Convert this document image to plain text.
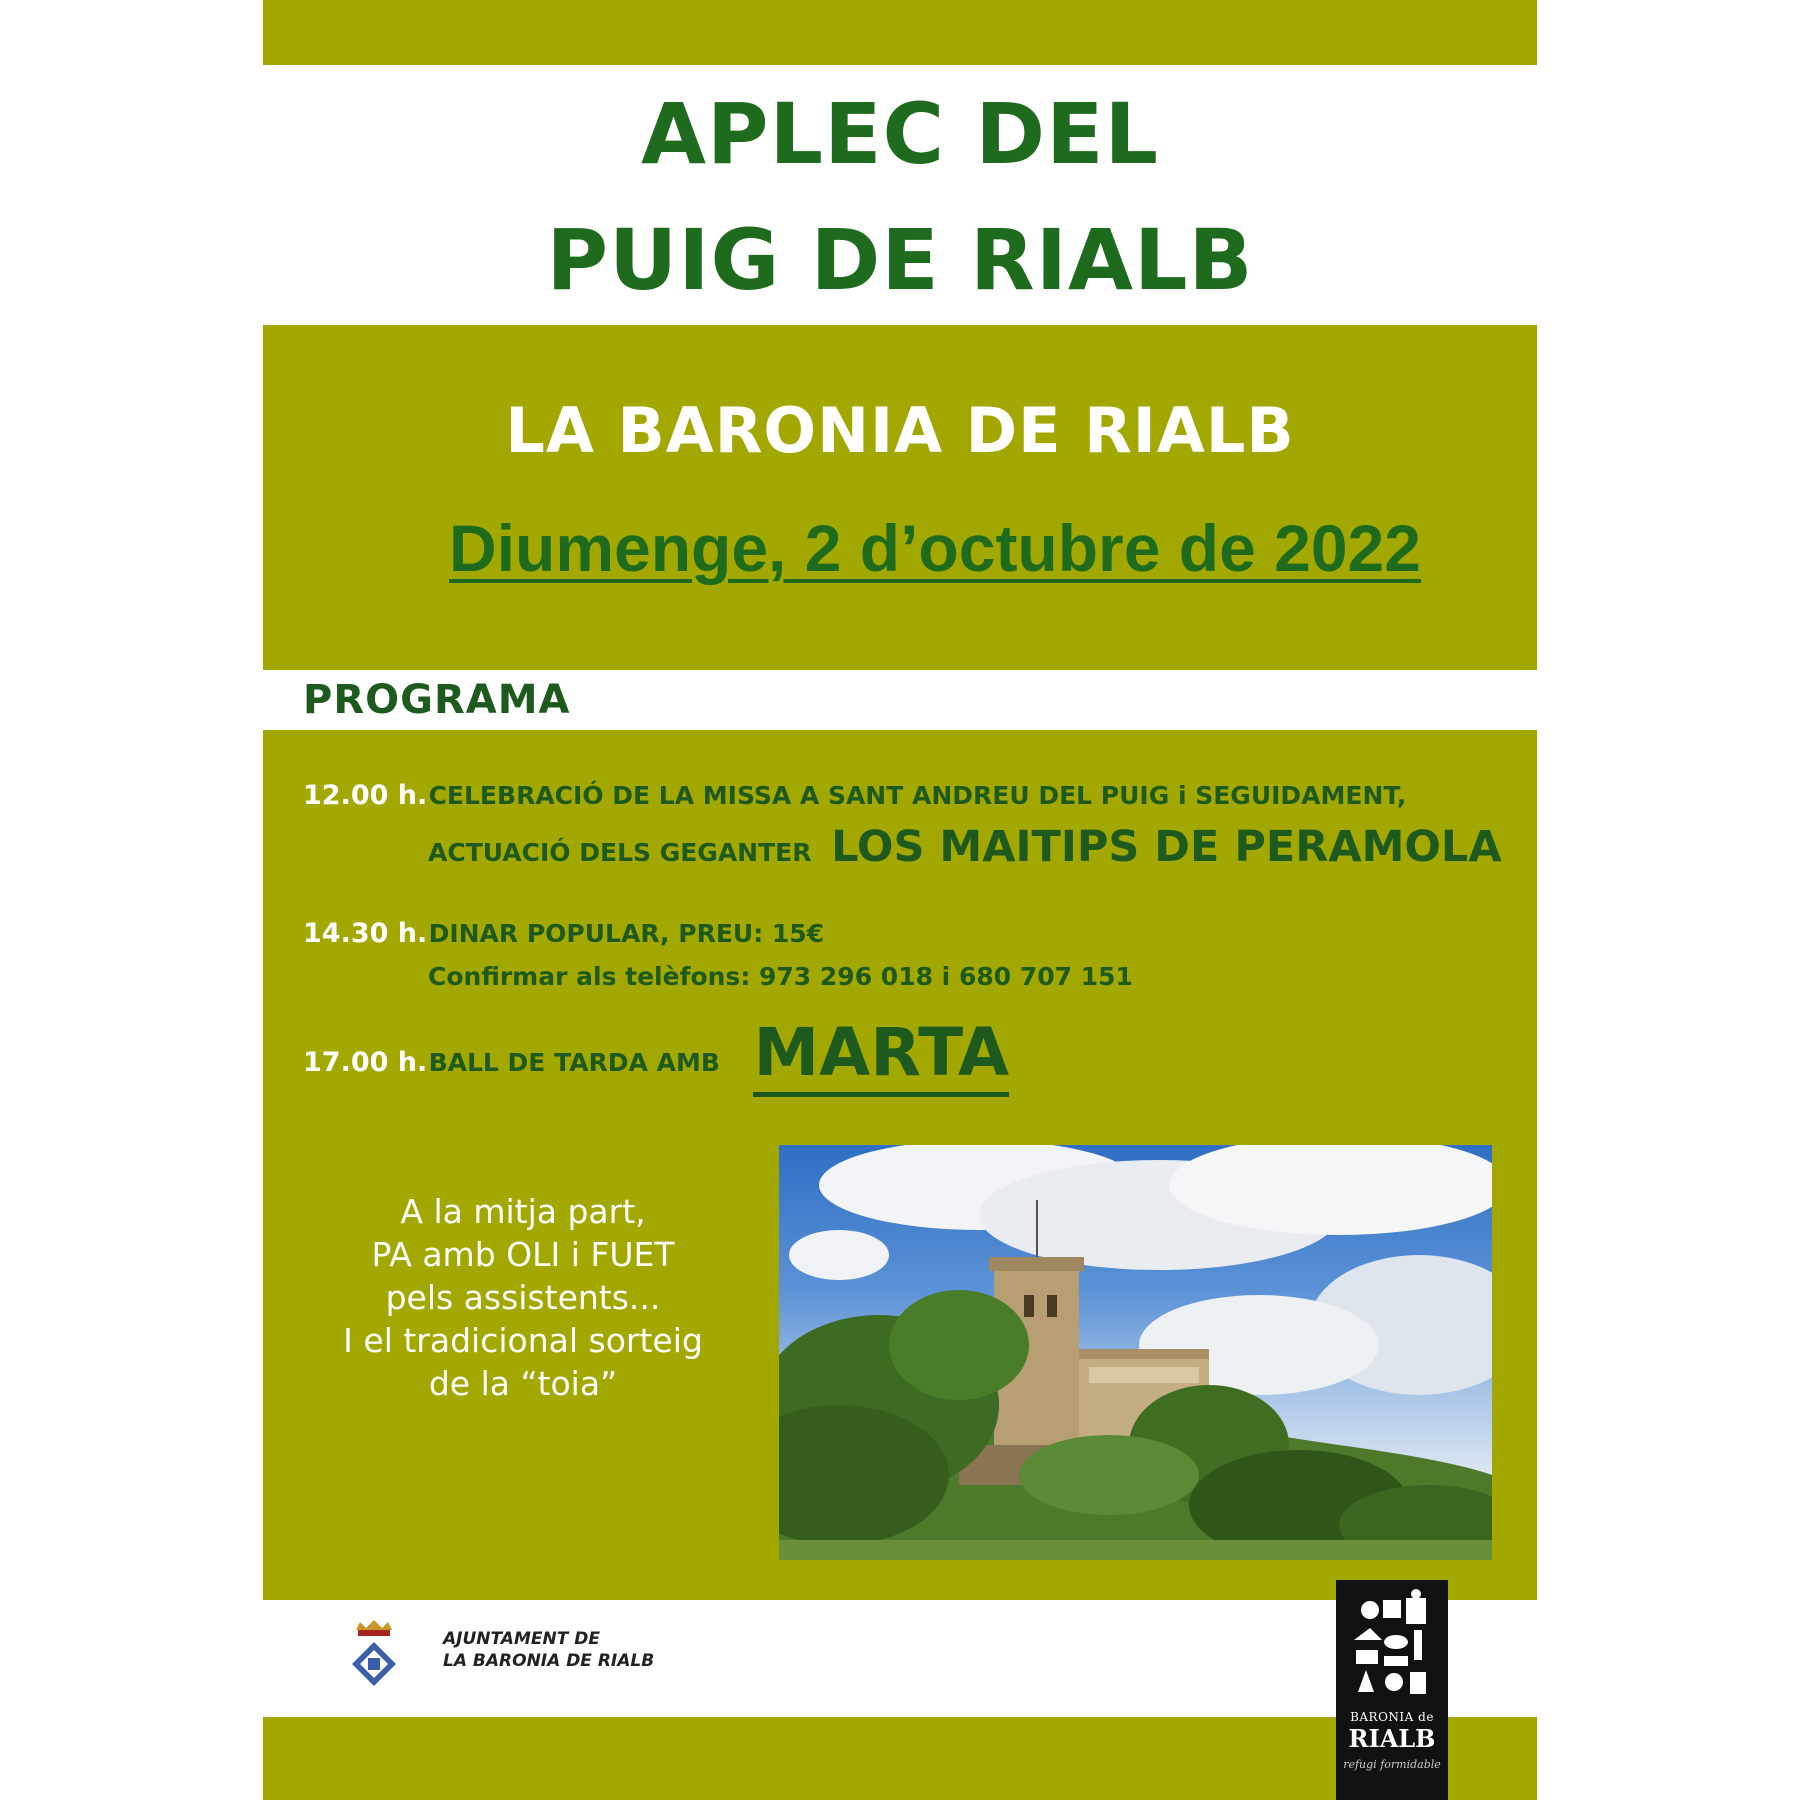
APLEC DEL
PUIG DE RIALB
LA BARONIA DE RIALB
Diumenge, 2 d’octubre de 2022
PROGRAMA
12.00 h. CELEBRACIÓ DE LA MISSA A SANT ANDREU DEL PUIG i SEGUIDAMENT,
ACTUACIÓ DELS GEGANTER LOS MAITIPS DE PERAMOLA
14.30 h. DINAR POPULAR, PREU: 15€
Confirmar als telèfons: 973 296 018 i 680 707 151
17.00 h. BALL DE TARDA AMB MARTA
A la mitja part,
PA amb OLI i FUET
pels assistents...
I el tradicional sorteig
de la “toia”
AJUNTAMENT DE
LA BARONIA DE RIALB
BARONIA de
RIALB
refugi formidable
